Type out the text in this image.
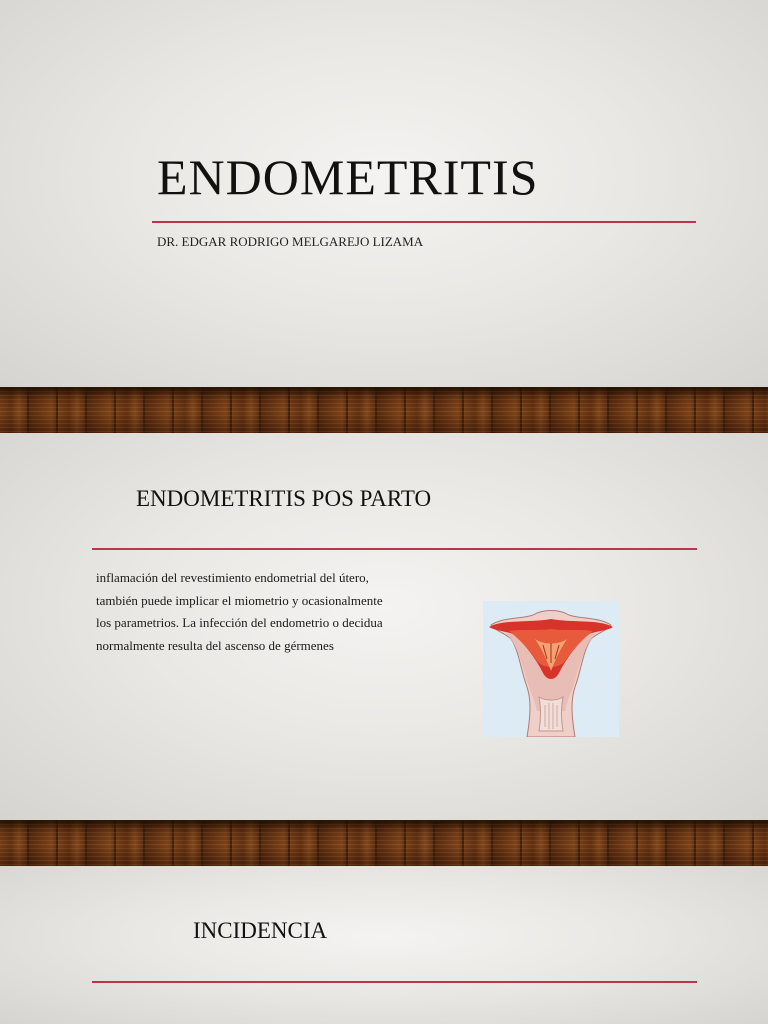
ENDOMETRITIS

DR. EDGAR RODRIGO MELGAREJO LIZAMA

ENDOMETRITIS POS PARTO

inflamación del revestimiento endometrial del útero, también puede implicar el miometrio y ocasionalmente los parametrios. La infección del endometrio o decidua normalmente resulta del ascenso de gérmenes

INCIDENCIA
